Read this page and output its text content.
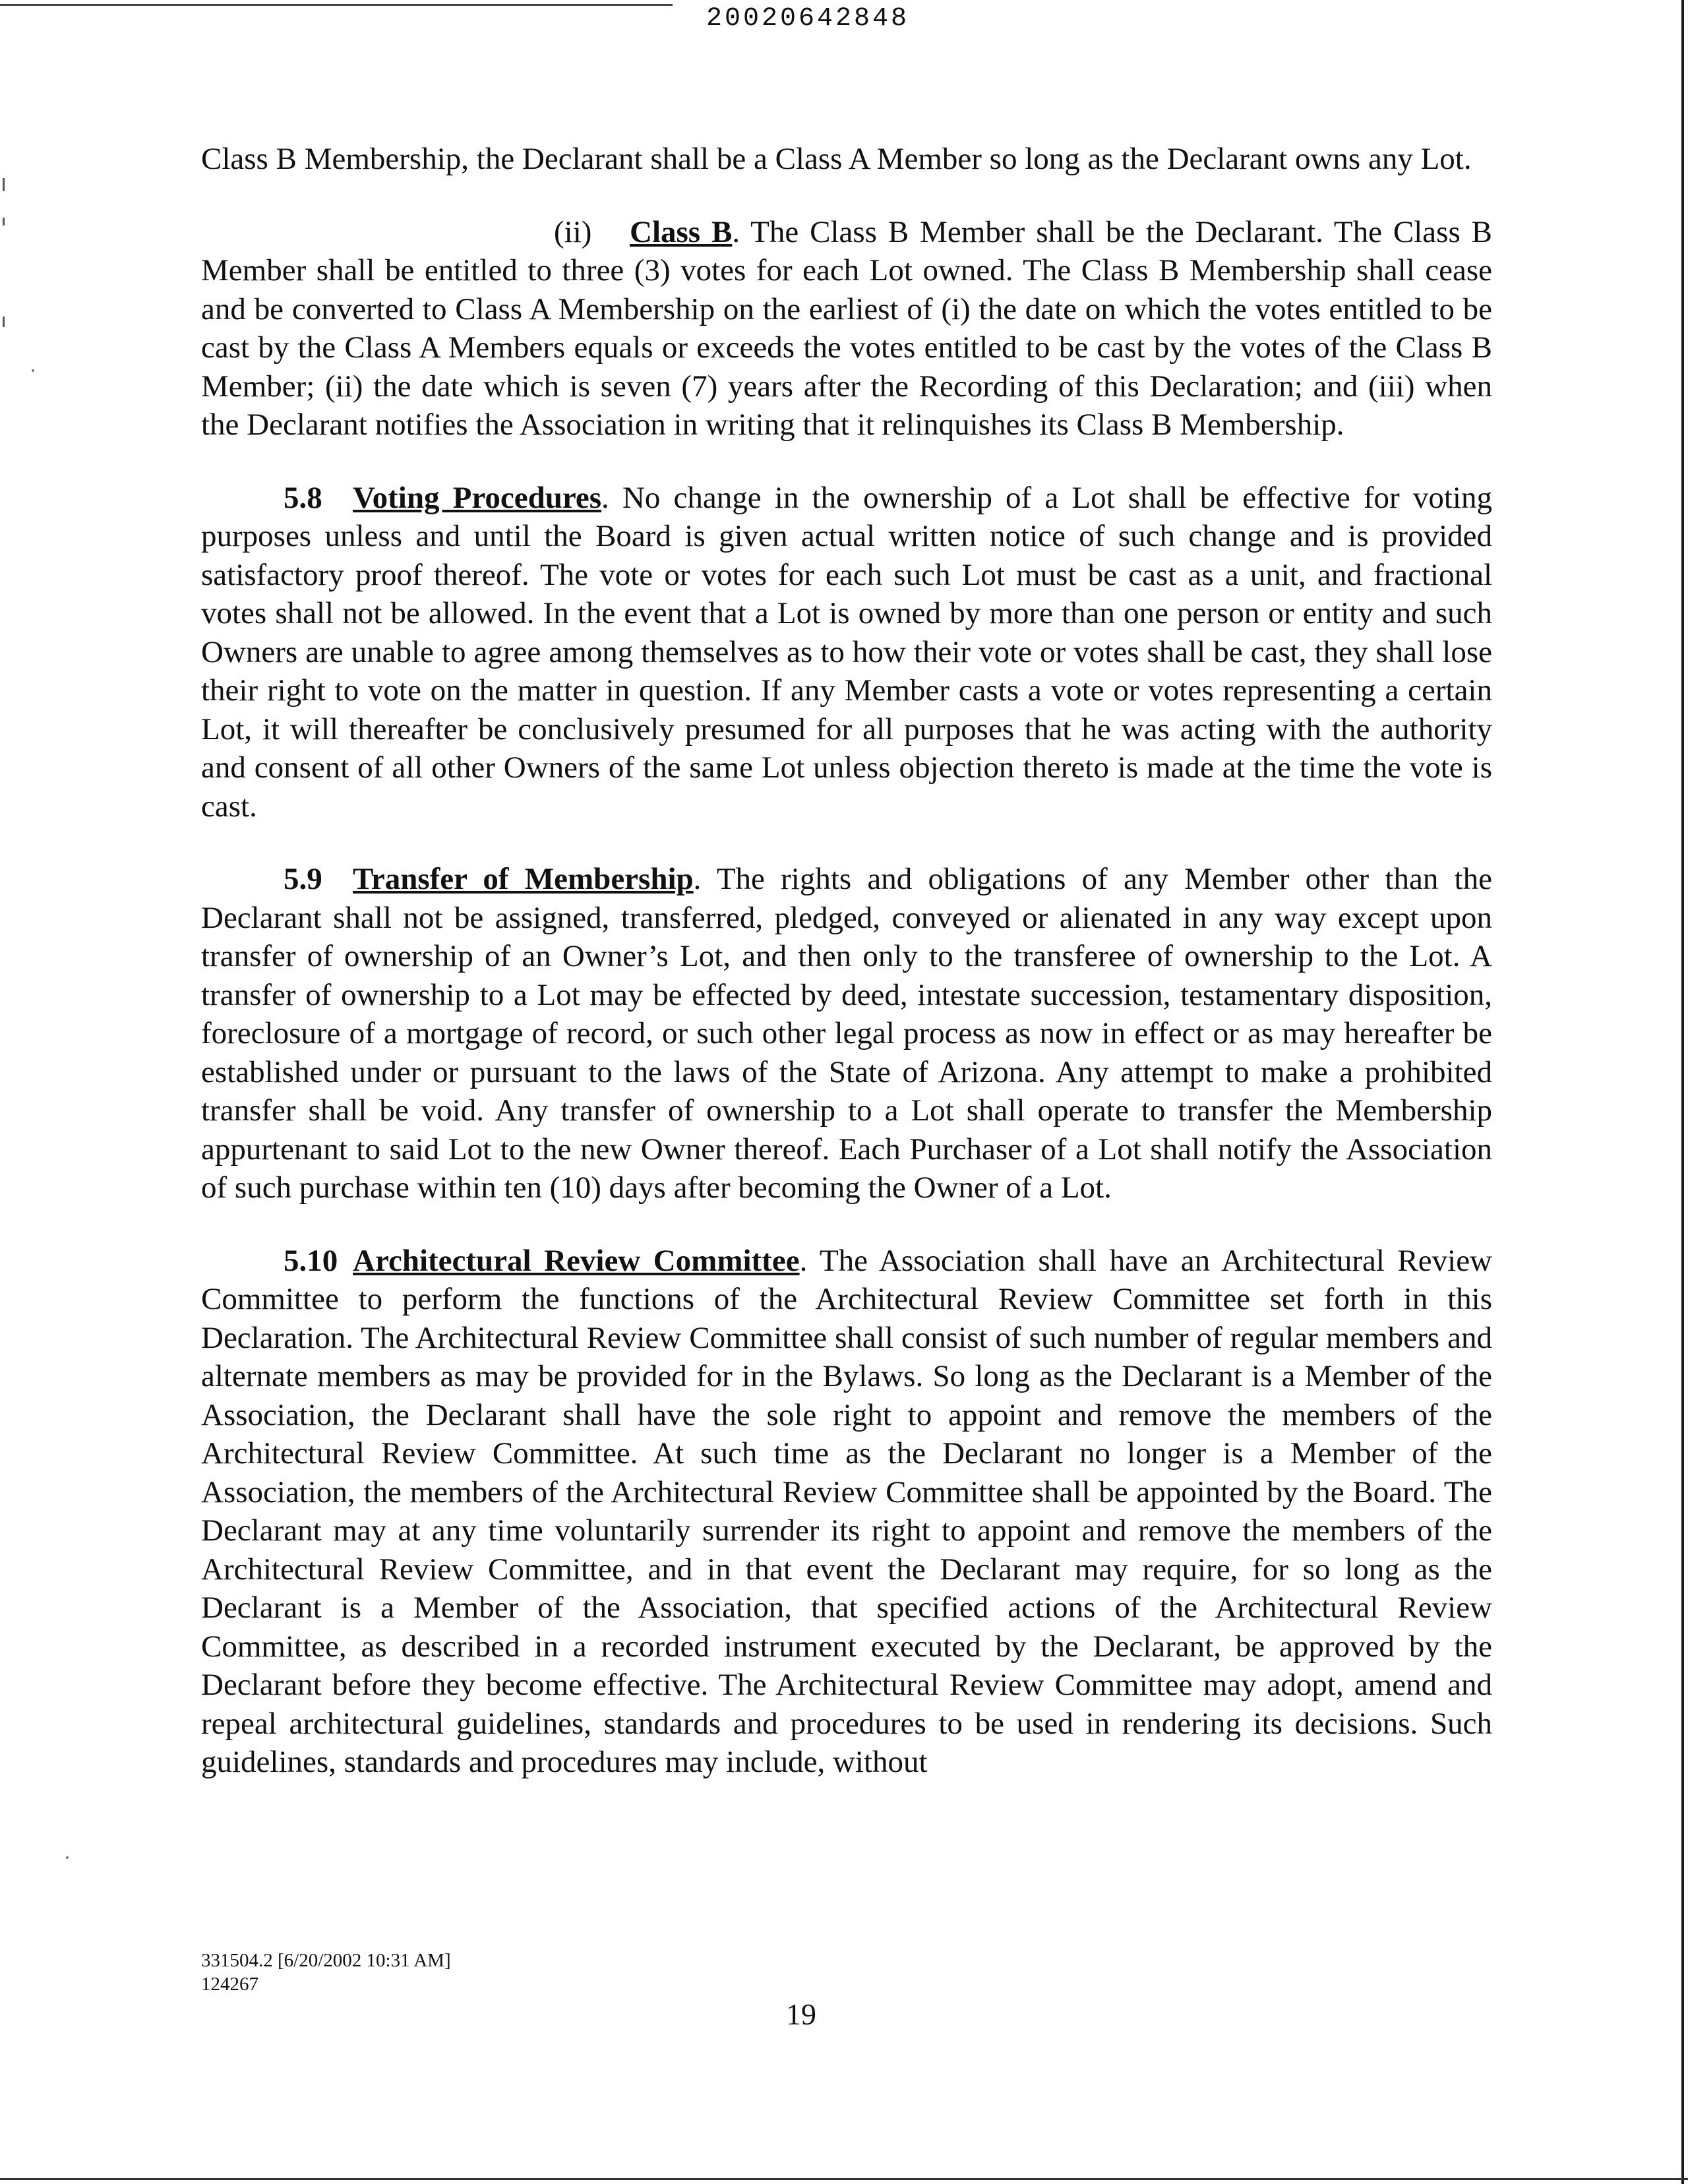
20020642848

Class B Membership, the Declarant shall be a Class A Member so long as the Declarant owns any Lot.

(ii) Class B. The Class B Member shall be the Declarant. The Class B Member shall be entitled to three (3) votes for each Lot owned. The Class B Membership shall cease and be converted to Class A Membership on the earliest of (i) the date on which the votes entitled to be cast by the Class A Members equals or exceeds the votes entitled to be cast by the votes of the Class B Member; (ii) the date which is seven (7) years after the Recording of this Declaration; and (iii) when the Declarant notifies the Association in writing that it relinquishes its Class B Membership.

5.8 Voting Procedures. No change in the ownership of a Lot shall be effective for voting purposes unless and until the Board is given actual written notice of such change and is provided satisfactory proof thereof. The vote or votes for each such Lot must be cast as a unit, and fractional votes shall not be allowed. In the event that a Lot is owned by more than one person or entity and such Owners are unable to agree among themselves as to how their vote or votes shall be cast, they shall lose their right to vote on the matter in question. If any Member casts a vote or votes representing a certain Lot, it will thereafter be conclusively presumed for all purposes that he was acting with the authority and consent of all other Owners of the same Lot unless objection thereto is made at the time the vote is cast.

5.9 Transfer of Membership. The rights and obligations of any Member other than the Declarant shall not be assigned, transferred, pledged, conveyed or alienated in any way except upon transfer of ownership of an Owner’s Lot, and then only to the transferee of ownership to the Lot. A transfer of ownership to a Lot may be effected by deed, intestate succession, testamentary disposition, foreclosure of a mortgage of record, or such other legal process as now in effect or as may hereafter be established under or pursuant to the laws of the State of Arizona. Any attempt to make a prohibited transfer shall be void. Any transfer of ownership to a Lot shall operate to transfer the Membership appurtenant to said Lot to the new Owner thereof. Each Purchaser of a Lot shall notify the Association of such purchase within ten (10) days after becoming the Owner of a Lot.

5.10 Architectural Review Committee. The Association shall have an Architectural Review Committee to perform the functions of the Architectural Review Committee set forth in this Declaration. The Architectural Review Committee shall consist of such number of regular members and alternate members as may be provided for in the Bylaws. So long as the Declarant is a Member of the Association, the Declarant shall have the sole right to appoint and remove the members of the Architectural Review Committee. At such time as the Declarant no longer is a Member of the Association, the members of the Architectural Review Committee shall be appointed by the Board. The Declarant may at any time voluntarily surrender its right to appoint and remove the members of the Architectural Review Committee, and in that event the Declarant may require, for so long as the Declarant is a Member of the Association, that specified actions of the Architectural Review Committee, as described in a recorded instrument executed by the Declarant, be approved by the Declarant before they become effective. The Architectural Review Committee may adopt, amend and repeal architectural guidelines, standards and procedures to be used in rendering its decisions. Such guidelines, standards and procedures may include, without

331504.2 [6/20/2002 10:31 AM]
124267
19
